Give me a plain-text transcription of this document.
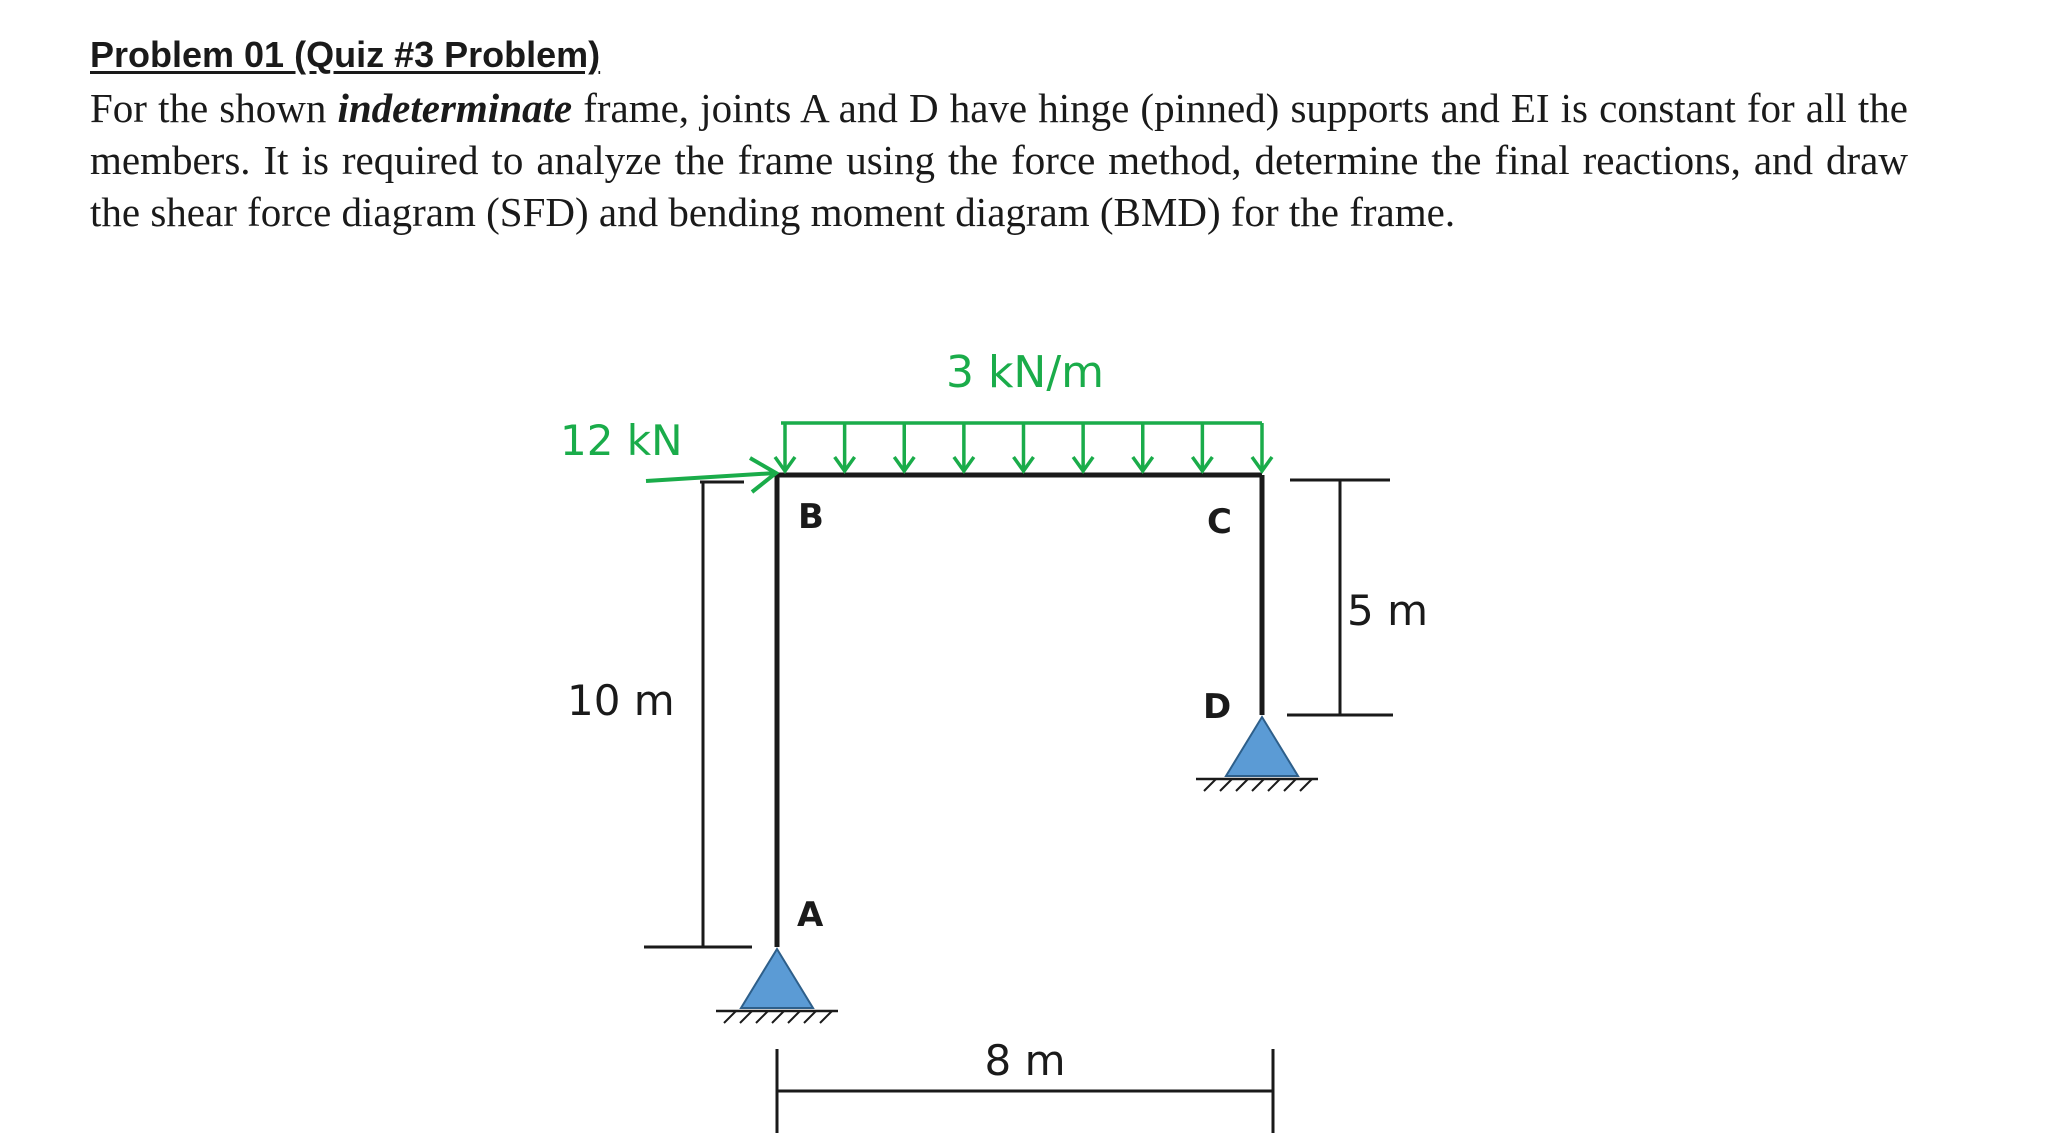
Problem 01 (Quiz #3 Problem)
For the shown indeterminate frame, joints A and D have hinge (pinned) supports and EI is constant for all the members. It is required to analyze the frame using the force method, determine the final reactions, and draw the shear force diagram (SFD) and bending moment diagram (BMD) for the frame.
3 kN/m
12 kN
B	C
D
A
10 m
5 m
8 m
